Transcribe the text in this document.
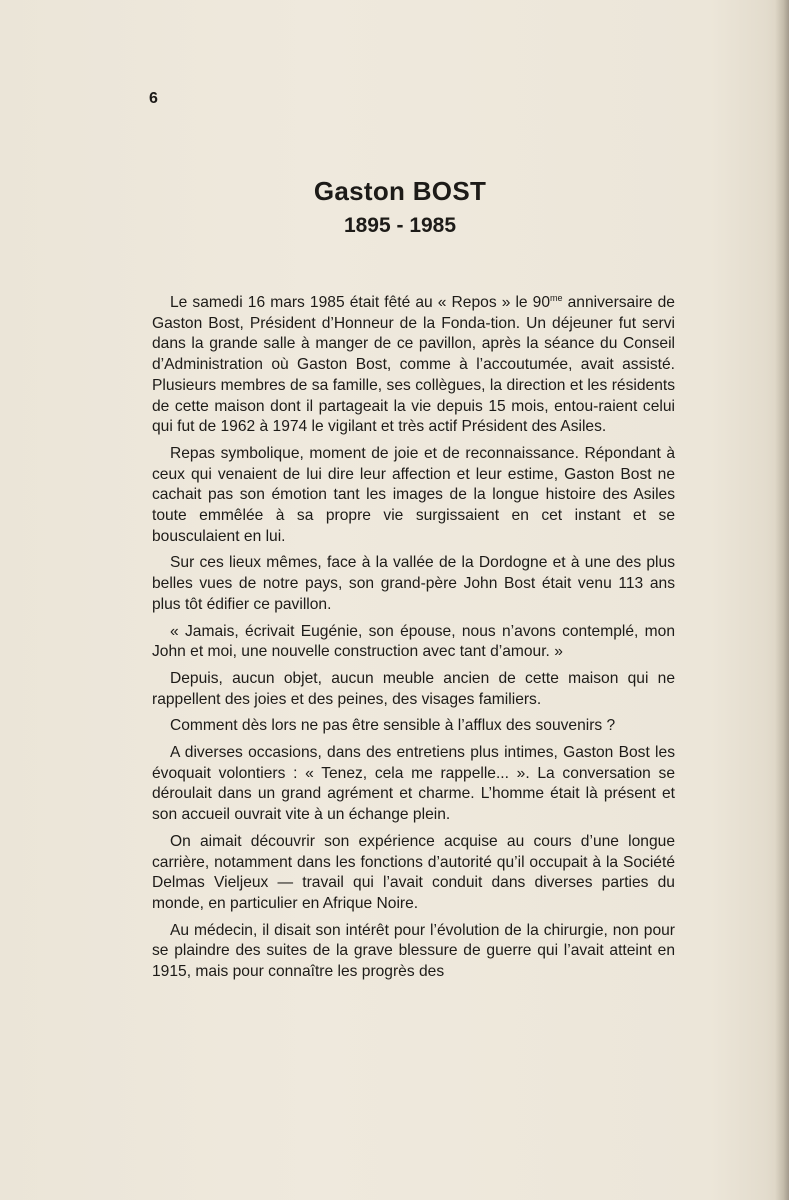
6
Gaston BOST
1895 - 1985

Le samedi 16 mars 1985 était fêté au « Repos » le $90^{me}$ anniversaire de Gaston Bost, Président d’Honneur de la Fonda-tion. Un déjeuner fut servi dans la grande salle à manger de ce pavillon, après la séance du Conseil d’Administration où Gaston Bost, comme à l’accoutumée, avait assisté. Plusieurs membres de sa famille, ses collègues, la direction et les résidents de cette maison dont il partageait la vie depuis 15 mois, entou-raient celui qui fut de 1962 à 1974 le vigilant et très actif Président des Asiles.

Repas symbolique, moment de joie et de reconnaissance. Répondant à ceux qui venaient de lui dire leur affection et leur estime, Gaston Bost ne cachait pas son émotion tant les images de la longue histoire des Asiles toute emmêlée à sa propre vie surgissaient en cet instant et se bousculaient en lui.

Sur ces lieux mêmes, face à la vallée de la Dordogne et à une des plus belles vues de notre pays, son grand-père John Bost était venu 113 ans plus tôt édifier ce pavillon.

« Jamais, écrivait Eugénie, son épouse, nous n’avons contemplé, mon John et moi, une nouvelle construction avec tant d’amour. »

Depuis, aucun objet, aucun meuble ancien de cette maison qui ne rappellent des joies et des peines, des visages familiers.

Comment dès lors ne pas être sensible à l’afflux des souvenirs ?

A diverses occasions, dans des entretiens plus intimes, Gaston Bost les évoquait volontiers : « Tenez, cela me rappelle... ». La conversation se déroulait dans un grand agrément et charme. L’homme était là présent et son accueil ouvrait vite à un échange plein.

On aimait découvrir son expérience acquise au cours d’une longue carrière, notamment dans les fonctions d’autorité qu’il occupait à la Société Delmas Vieljeux — travail qui l’avait conduit dans diverses parties du monde, en particulier en Afrique Noire.

Au médecin, il disait son intérêt pour l’évolution de la chirurgie, non pour se plaindre des suites de la grave blessure de guerre qui l’avait atteint en 1915, mais pour connaître les progrès des
